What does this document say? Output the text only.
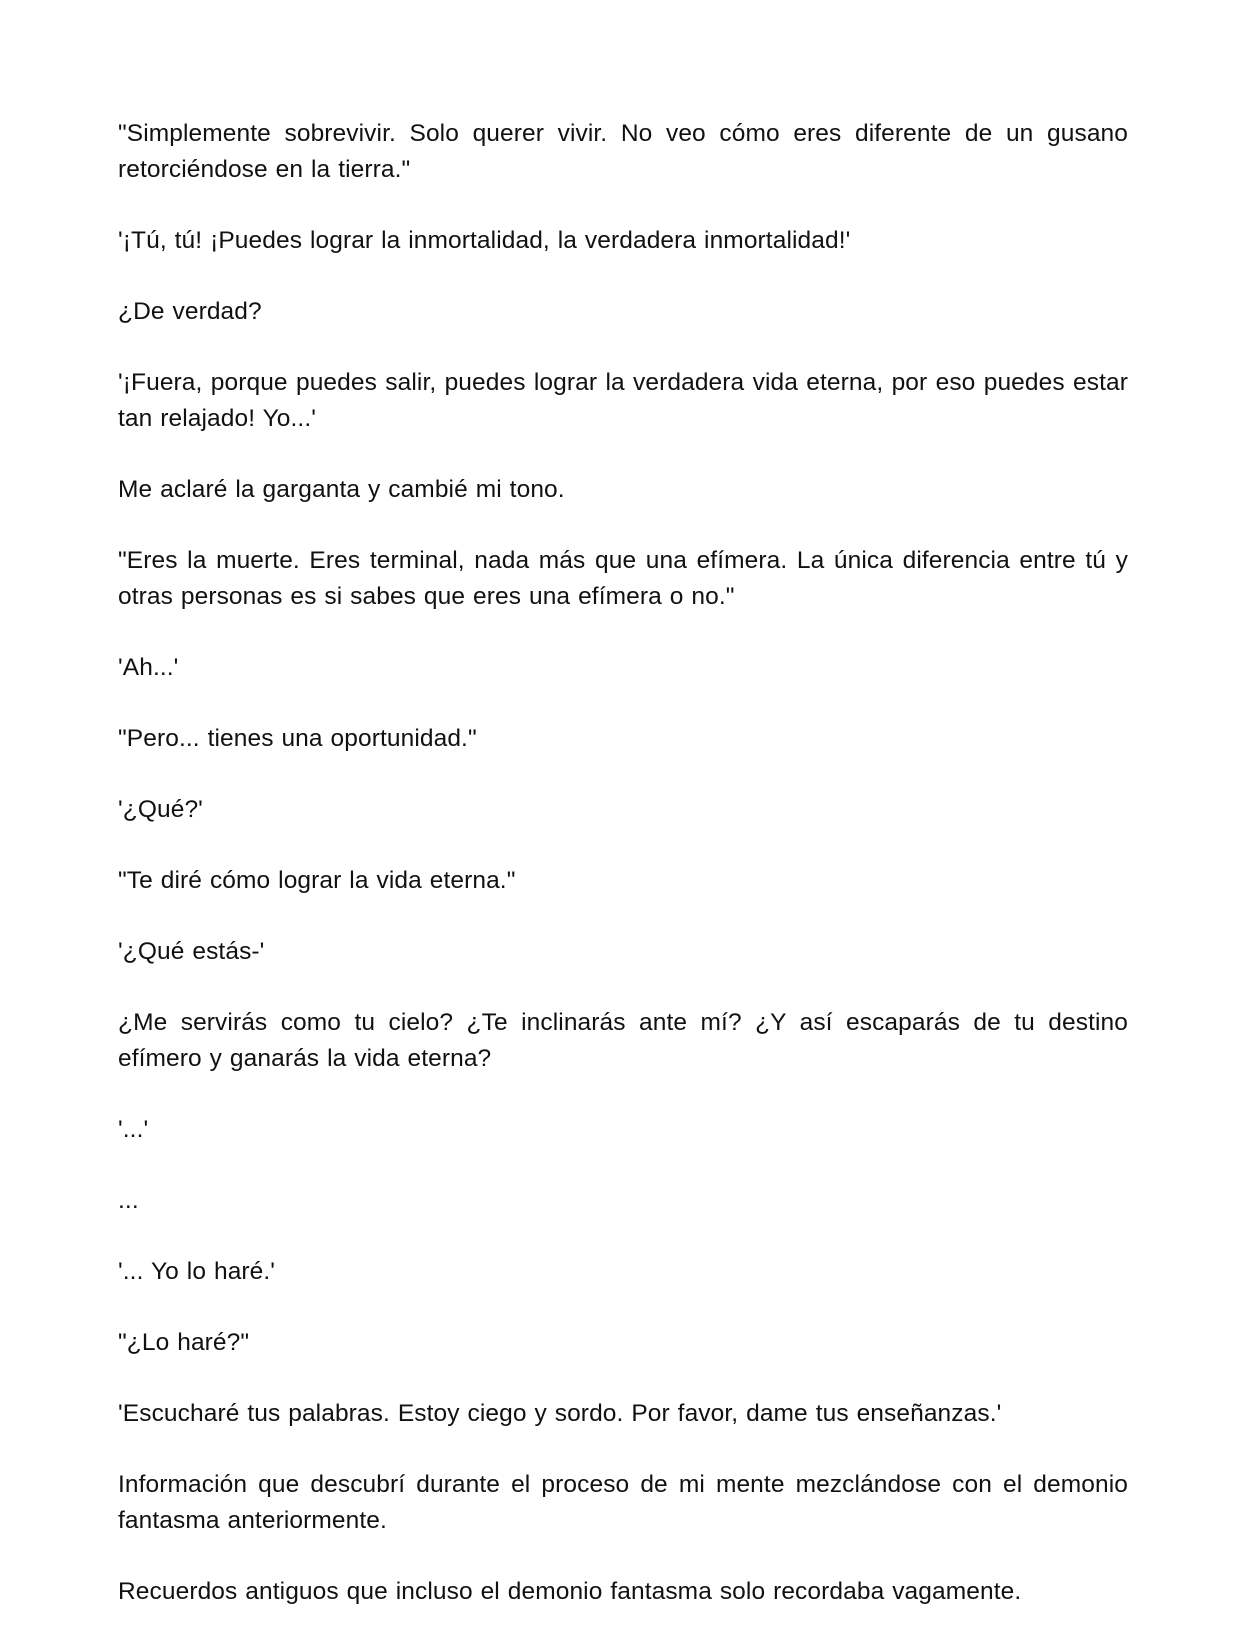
"Simplemente sobrevivir. Solo querer vivir. No veo cómo eres diferente de un gusano retorciéndose en la tierra."

'¡Tú, tú! ¡Puedes lograr la inmortalidad, la verdadera inmortalidad!'

¿De verdad?

'¡Fuera, porque puedes salir, puedes lograr la verdadera vida eterna, por eso puedes estar tan relajado! Yo...'

Me aclaré la garganta y cambié mi tono.

"Eres la muerte. Eres terminal, nada más que una efímera. La única diferencia entre tú y otras personas es si sabes que eres una efímera o no."

'Ah...'

"Pero... tienes una oportunidad."

'¿Qué?'

"Te diré cómo lograr la vida eterna."

'¿Qué estás-'

¿Me servirás como tu cielo? ¿Te inclinarás ante mí? ¿Y así escaparás de tu destino efímero y ganarás la vida eterna?

'...'

...

'... Yo lo haré.'

"¿Lo haré?"

'Escucharé tus palabras. Estoy ciego y sordo. Por favor, dame tus enseñanzas.'

Información que descubrí durante el proceso de mi mente mezclándose con el demonio fantasma anteriormente.

Recuerdos antiguos que incluso el demonio fantasma solo recordaba vagamente.
